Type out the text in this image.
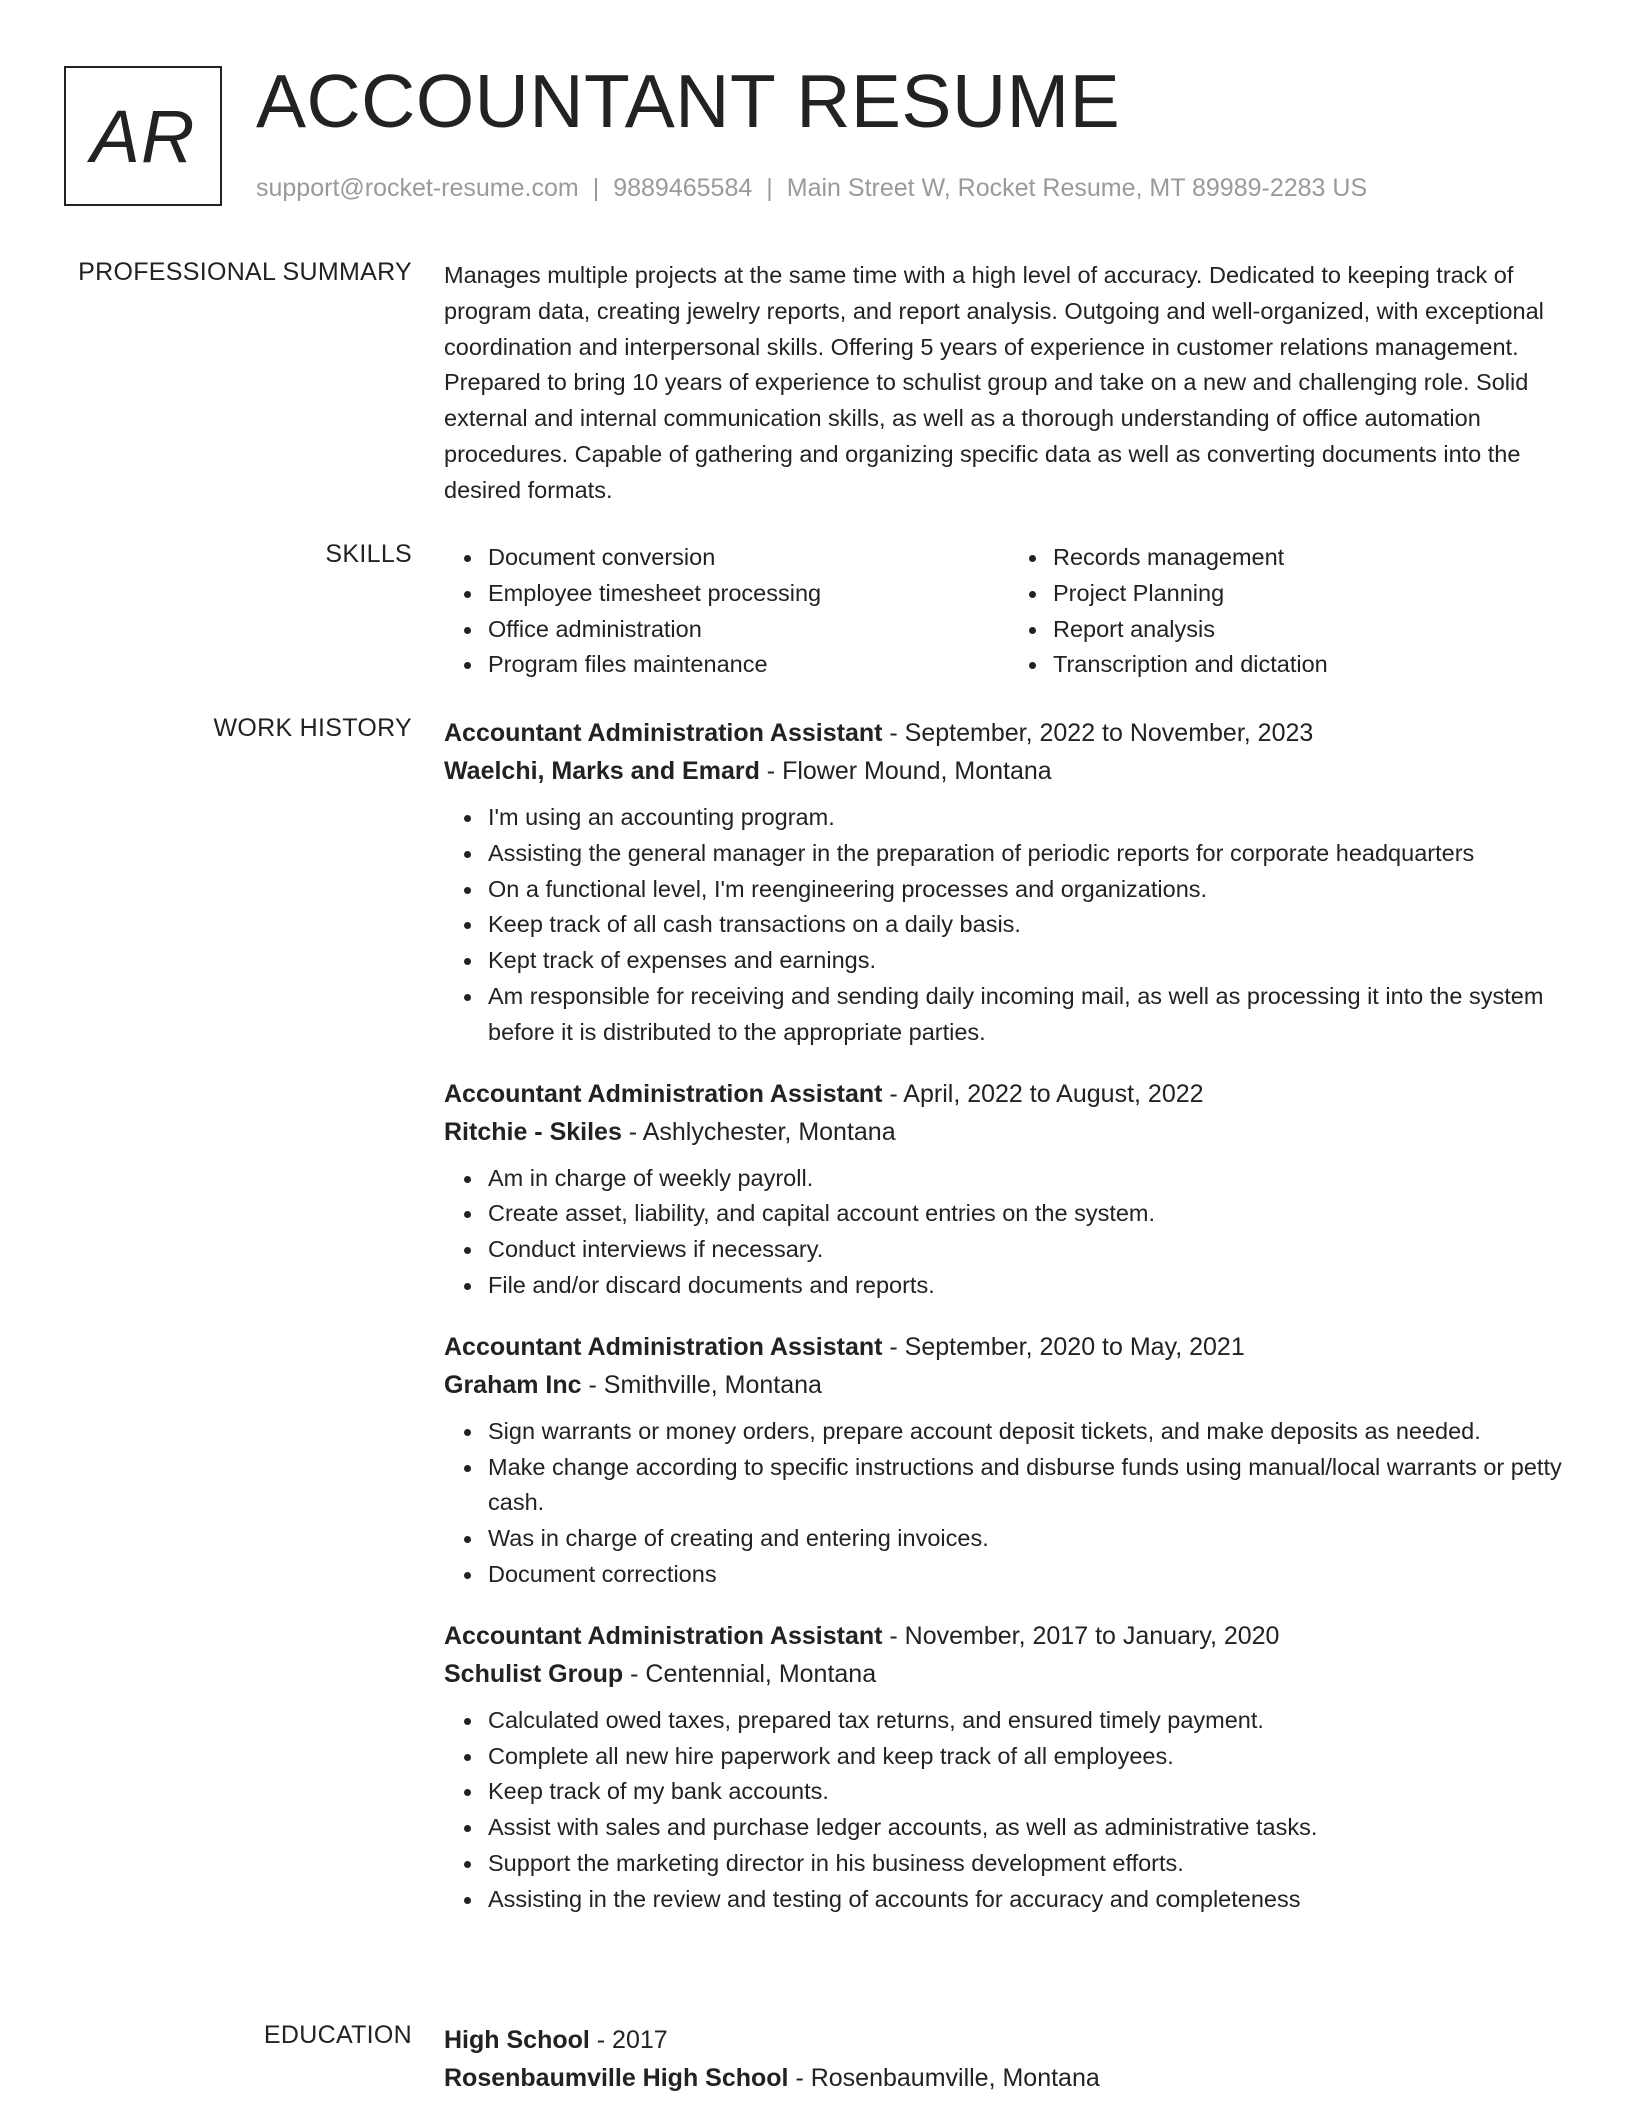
AR ACCOUNTANT RESUME
support@rocket-resume.com | 9889465584 | Main Street W, Rocket Resume, MT 89989-2283 US
PROFESSIONAL SUMMARY Manages multiple projects at the same time with a high level of accuracy. Dedicated to keeping track of program data, creating jewelry reports, and report analysis. Outgoing and well-organized, with exceptional coordination and interpersonal skills. Offering 5 years of experience in customer relations management. Prepared to bring 10 years of experience to schulist group and take on a new and challenging role. Solid external and internal communication skills, as well as a thorough understanding of office automation procedures. Capable of gathering and organizing specific data as well as converting documents into the desired formats.

SKILLS	Document conversion
Employee timesheet processing
Office administration
Program files maintenance
Records management
Project Planning
Report analysis
Transcription and dictation
WORK HISTORY Accountant Administration Assistant - September, 2022 to November, 2023
Waelchi, Marks and Emard - Flower Mound, Montana
I'm using an accounting program.
Assisting the general manager in the preparation of periodic reports for corporate headquarters
On a functional level, I'm reengineering processes and organizations.
Keep track of all cash transactions on a daily basis.
Kept track of expenses and earnings.
Am responsible for receiving and sending daily incoming mail, as well as processing it into the system before it is distributed to the appropriate parties.
Accountant Administration Assistant - April, 2022 to August, 2022
Ritchie - Skiles - Ashlychester, Montana
Am in charge of weekly payroll.
Create asset, liability, and capital account entries on the system.
Conduct interviews if necessary.
File and/or discard documents and reports.
Accountant Administration Assistant - September, 2020 to May, 2021
Graham Inc - Smithville, Montana
Sign warrants or money orders, prepare account deposit tickets, and make deposits as needed.
Make change according to specific instructions and disburse funds using manual/local warrants or petty cash.
Was in charge of creating and entering invoices.
Document corrections
Accountant Administration Assistant - November, 2017 to January, 2020
Schulist Group - Centennial, Montana
Calculated owed taxes, prepared tax returns, and ensured timely payment.
Complete all new hire paperwork and keep track of all employees.
Keep track of my bank accounts.
Assist with sales and purchase ledger accounts, as well as administrative tasks.
Support the marketing director in his business development efforts.
Assisting in the review and testing of accounts for accuracy and completeness
EDUCATION High School - 2017
Rosenbaumville High School - Rosenbaumville, Montana
